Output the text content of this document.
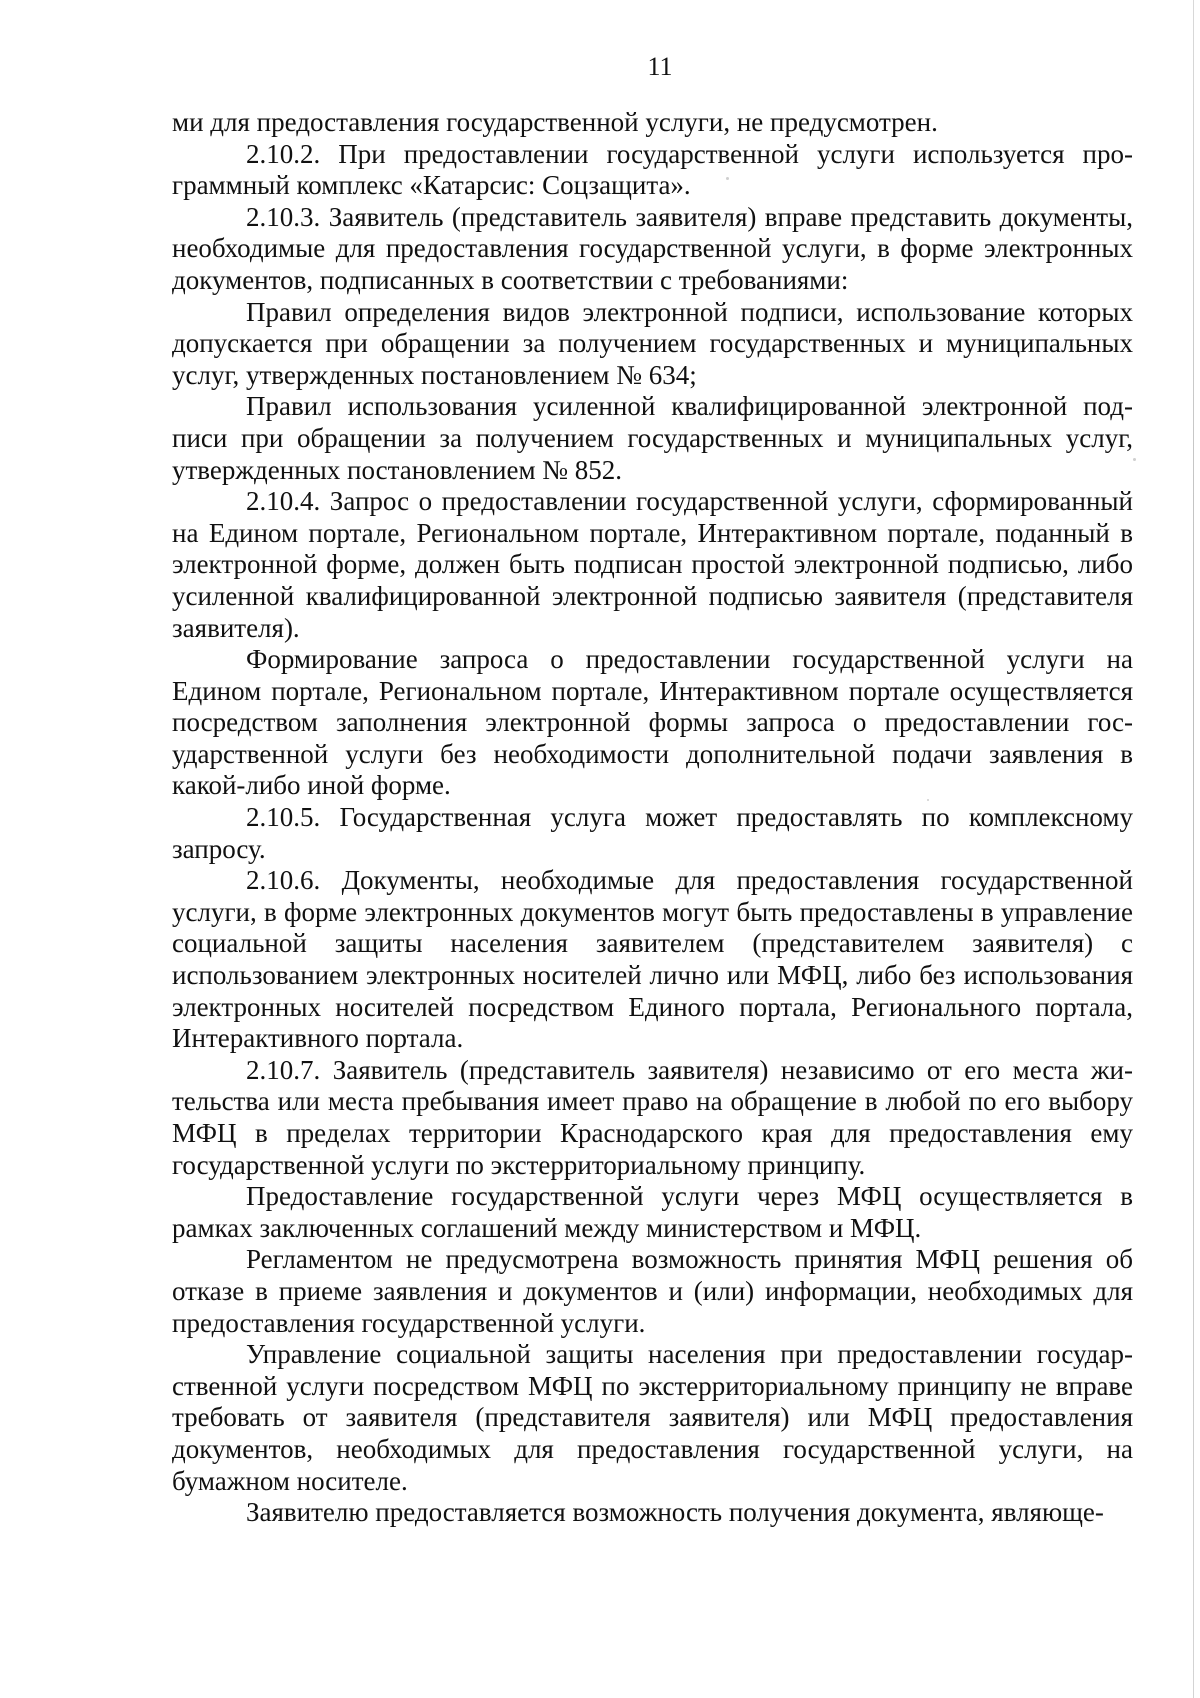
11

ми для предоставления государственной услуги, не предусмотрен.

2.10.2. При предоставлении государственной услуги используется программный комплекс «Катарсис: Соцзащита».

2.10.3. Заявитель (представитель заявителя) вправе представить документы, необходимые для предоставления государственной услуги, в форме электронных документов, подписанных в соответствии с требованиями:

Правил определения видов электронной подписи, использование которых допускается при обращении за получением государственных и муниципальных услуг, утвержденных постановлением № 634;

Правил использования усиленной квалифицированной электронной подписи при обращении за получением государственных и муниципальных услуг, утвержденных постановлением № 852.

2.10.4. Запрос о предоставлении государственной услуги, сформированный на Едином портале, Региональном портале, Интерактивном портале, поданный в электронной форме, должен быть подписан простой электронной подписью, либо усиленной квалифицированной электронной подписью заявителя (представителя заявителя).

Формирование запроса о предоставлении государственной услуги на Едином портале, Региональном портале, Интерактивном портале осуществляется посредством заполнения электронной формы запроса о предоставлении государственной услуги без необходимости дополнительной подачи заявления в какой-либо иной форме.

2.10.5. Государственная услуга может предоставлять по комплексному запросу.

2.10.6. Документы, необходимые для предоставления государственной услуги, в форме электронных документов могут быть предоставлены в управление социальной защиты населения заявителем (представителем заявителя) с использованием электронных носителей лично или МФЦ, либо без использования электронных носителей посредством Единого портала, Регионального портала, Интерактивного портала.

2.10.7. Заявитель (представитель заявителя) независимо от его места жительства или места пребывания имеет право на обращение в любой по его выбору МФЦ в пределах территории Краснодарского края для предоставления ему государственной услуги по экстерриториальному принципу.

Предоставление государственной услуги через МФЦ осуществляется в рамках заключенных соглашений между министерством и МФЦ.

Регламентом не предусмотрена возможность принятия МФЦ решения об отказе в приеме заявления и документов и (или) информации, необходимых для предоставления государственной услуги.

Управление социальной защиты населения при предоставлении государственной услуги посредством МФЦ по экстерриториальному принципу не вправе требовать от заявителя (представителя заявителя) или МФЦ предоставления документов, необходимых для предоставления государственной услуги, на бумажном носителе.

Заявителю предоставляется возможность получения документа, являюще-
